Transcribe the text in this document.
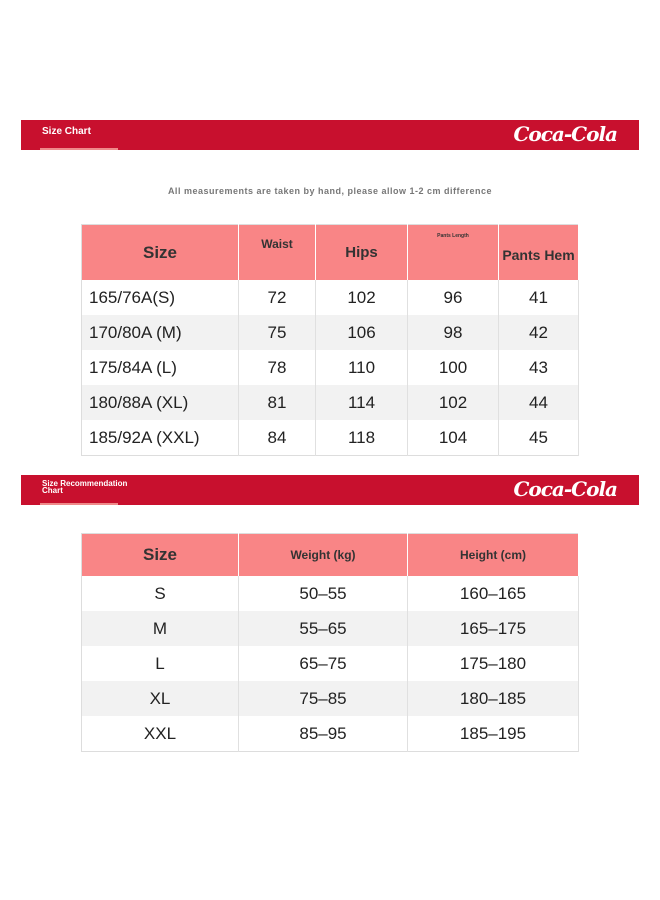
Size Chart	Coca-Cola
All measurements are taken by hand, please allow 1-2 cm difference
Size	Waist	Hips	Pants Length	Pants Hem
165/76A(S)	72	102	96	41
170/80A (M)	75	106	98	42
175/84A (L)	78	110	100	43
180/88A (XL)	81	114	102	44
185/92A (XXL)	84	118	104	45
Size Recommendation Chart	Coca-Cola
Size	Weight (kg)	Height (cm)
S	50–55	160–165
M	55–65	165–175
L	65–75	175–180
XL	75–85	180–185
XXL	85–95	185–195
